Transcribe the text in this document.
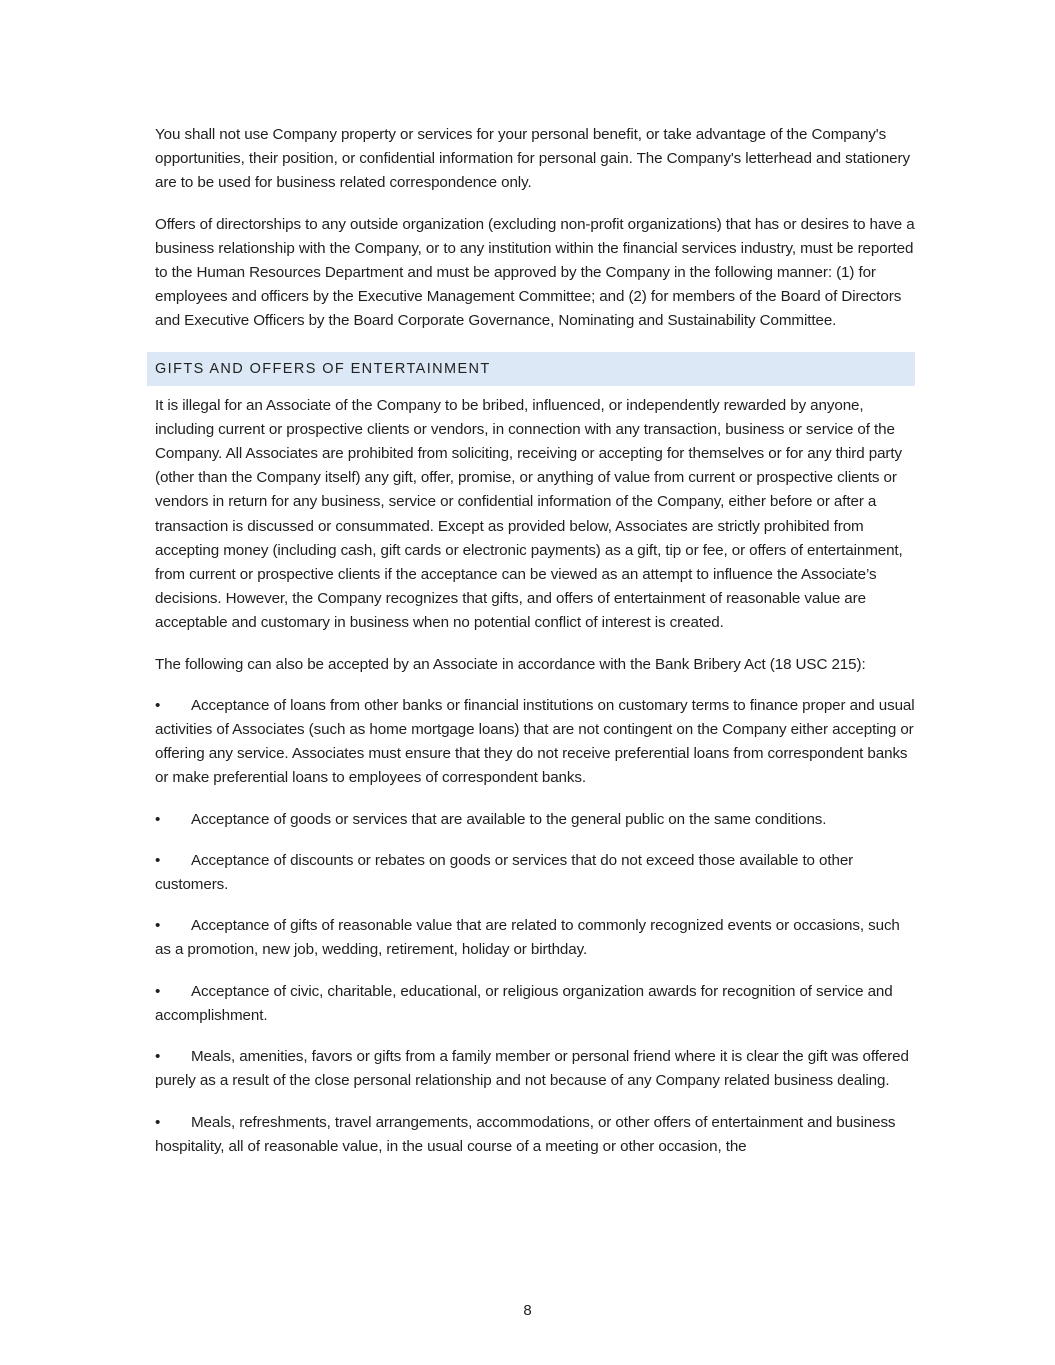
You shall not use Company property or services for your personal benefit, or take advantage of the Company's opportunities, their position, or confidential information for personal gain. The Company's letterhead and stationery are to be used for business related correspondence only.

Offers of directorships to any outside organization (excluding non-profit organizations) that has or desires to have a business relationship with the Company, or to any institution within the financial services industry, must be reported to the Human Resources Department and must be approved by the Company in the following manner: (1) for employees and officers by the Executive Management Committee; and (2) for members of the Board of Directors and Executive Officers by the Board Corporate Governance, Nominating and Sustainability Committee.

GIFTS AND OFFERS OF ENTERTAINMENT

It is illegal for an Associate of the Company to be bribed, influenced, or independently rewarded by anyone, including current or prospective clients or vendors, in connection with any transaction, business or service of the Company. All Associates are prohibited from soliciting, receiving or accepting for themselves or for any third party (other than the Company itself) any gift, offer, promise, or anything of value from current or prospective clients or vendors in return for any business, service or confidential information of the Company, either before or after a transaction is discussed or consummated. Except as provided below, Associates are strictly prohibited from accepting money (including cash, gift cards or electronic payments) as a gift, tip or fee, or offers of entertainment, from current or prospective clients if the acceptance can be viewed as an attempt to influence the Associate’s decisions. However, the Company recognizes that gifts, and offers of entertainment of reasonable value are acceptable and customary in business when no potential conflict of interest is created.

The following can also be accepted by an Associate in accordance with the Bank Bribery Act (18 USC 215):

• Acceptance of loans from other banks or financial institutions on customary terms to finance proper and usual activities of Associates (such as home mortgage loans) that are not contingent on the Company either accepting or offering any service. Associates must ensure that they do not receive preferential loans from correspondent banks or make preferential loans to employees of correspondent banks.

• Acceptance of goods or services that are available to the general public on the same conditions.

• Acceptance of discounts or rebates on goods or services that do not exceed those available to other customers.

• Acceptance of gifts of reasonable value that are related to commonly recognized events or occasions, such as a promotion, new job, wedding, retirement, holiday or birthday.

• Acceptance of civic, charitable, educational, or religious organization awards for recognition of service and accomplishment.

• Meals, amenities, favors or gifts from a family member or personal friend where it is clear the gift was offered purely as a result of the close personal relationship and not because of any Company related business dealing.

• Meals, refreshments, travel arrangements, accommodations, or other offers of entertainment and business hospitality, all of reasonable value, in the usual course of a meeting or other occasion, the

8
